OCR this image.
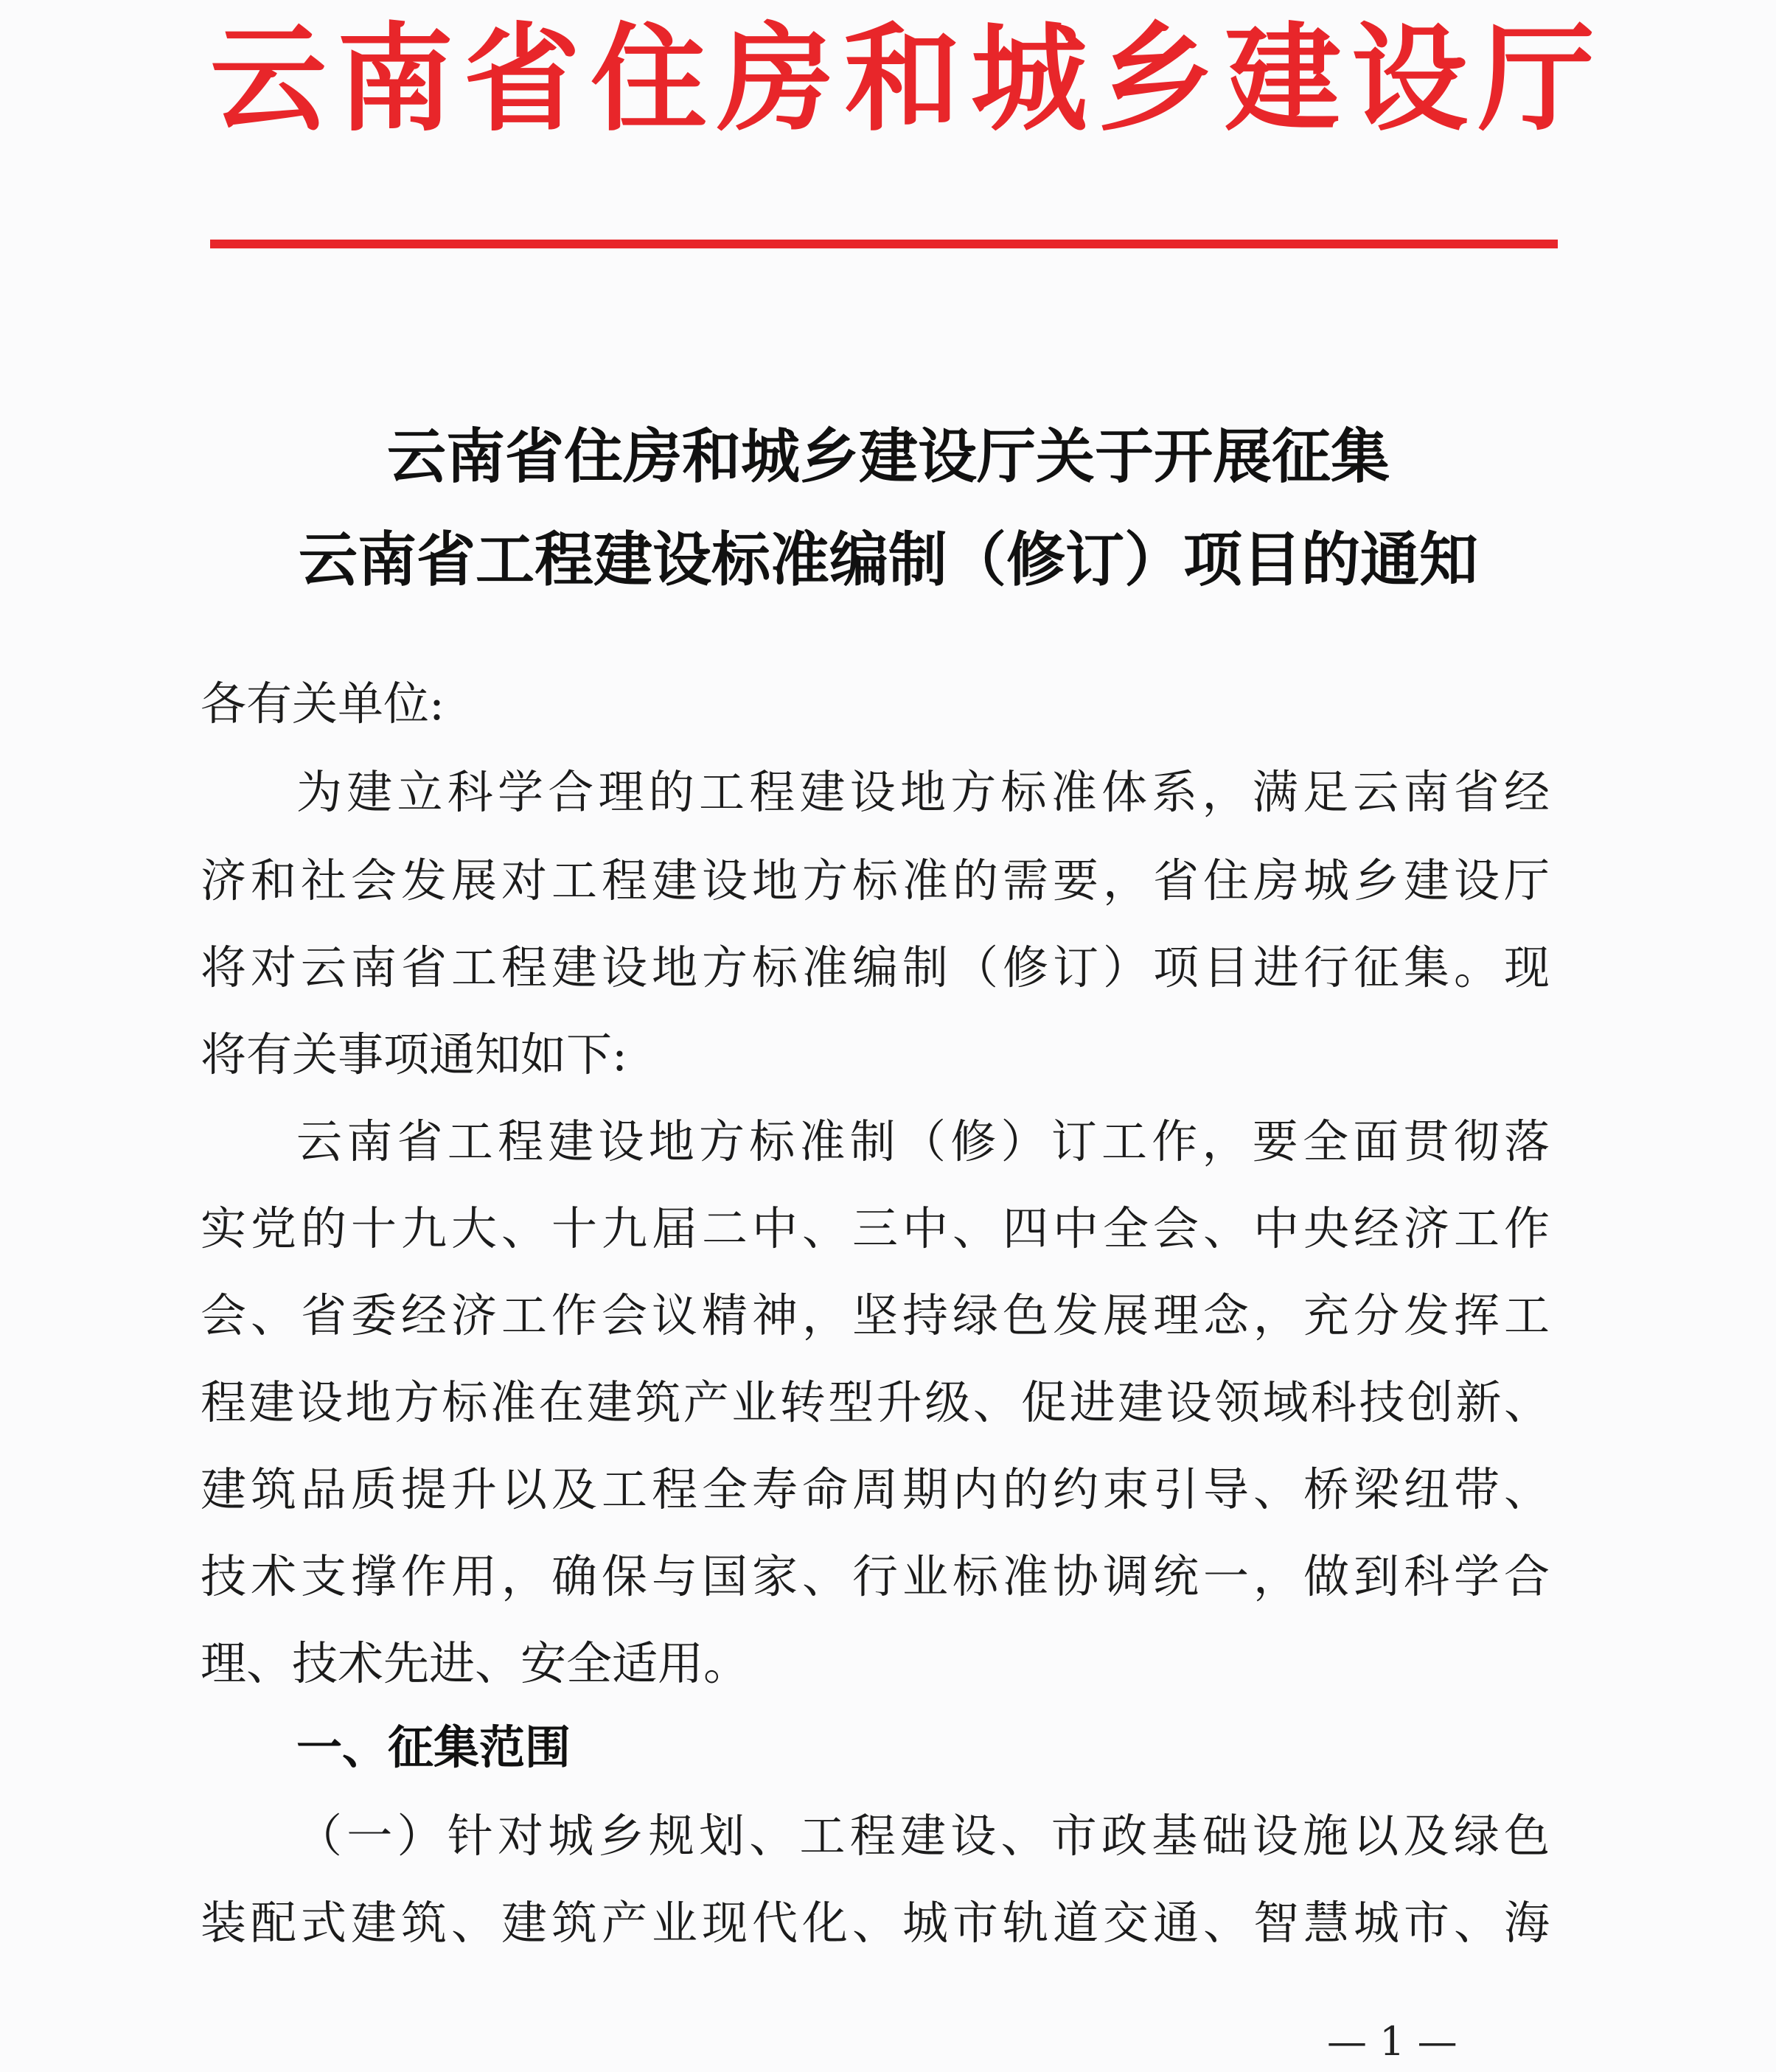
云南省住房和城乡建设厅
云南省住房和城乡建设厅关于开展征集
云南省工程建设标准编制（修订）项目的通知
各有关单位:
为建立科学合理的工程建设地方标准体系，满足云南省经
济和社会发展对工程建设地方标准的需要，省住房城乡建设厅
将对云南省工程建设地方标准编制（修订）项目进行征集。现
将有关事项通知如下:
云南省工程建设地方标准制（修）订工作，要全面贯彻落
实党的十九大、十九届二中、三中、四中全会、中央经济工作
会、省委经济工作会议精神，坚持绿色发展理念，充分发挥工
程建设地方标准在建筑产业转型升级、促进建设领域科技创新、
建筑品质提升以及工程全寿命周期内的约束引导、桥梁纽带、
技术支撑作用，确保与国家、行业标准协调统一，做到科学合
理、技术先进、安全适用。
一、征集范围
（一）针对城乡规划、工程建设、市政基础设施以及绿色
装配式建筑、建筑产业现代化、城市轨道交通、智慧城市、海
— 1 —
